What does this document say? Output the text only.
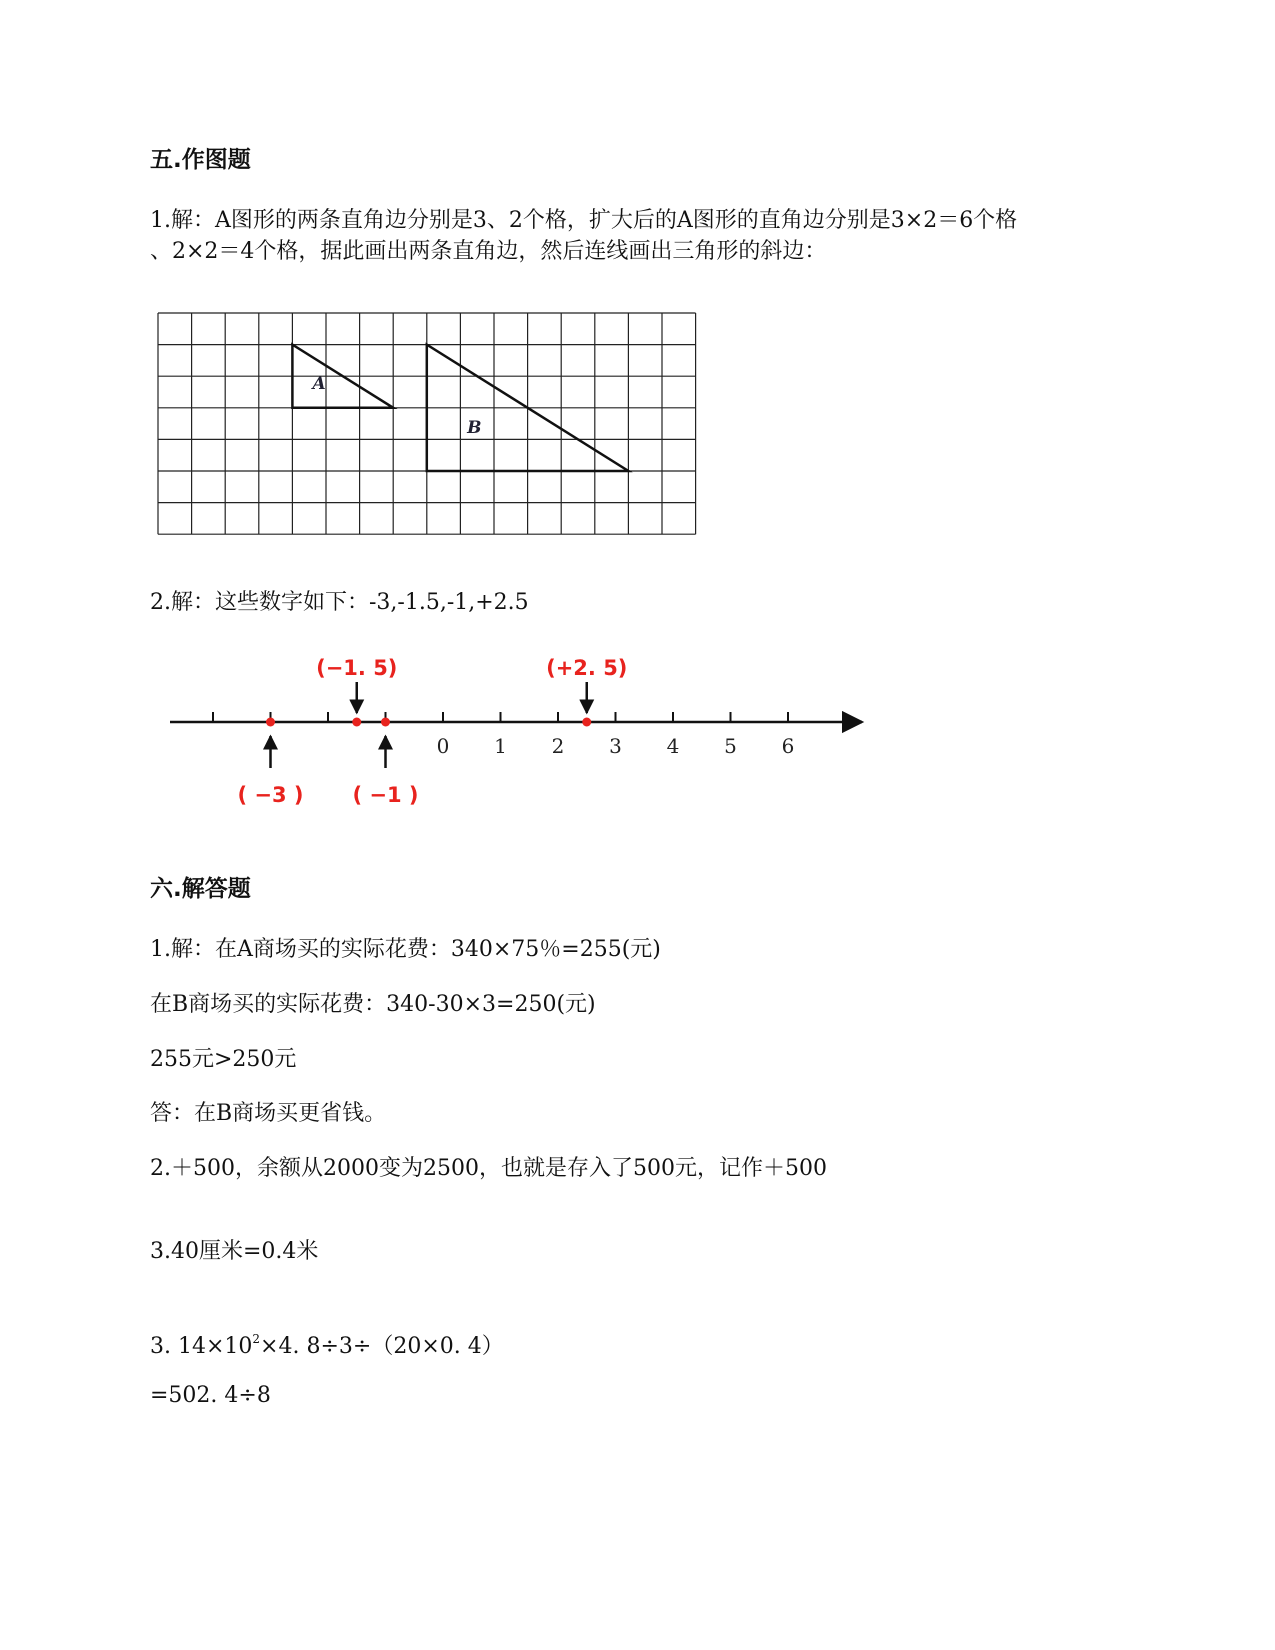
五.作图题
1.解：A图形的两条直角边分别是3、2个格，扩大后的A图形的直角边分别是3×2＝6个格
、2×2＝4个格，据此画出两条直角边，然后连线画出三角形的斜边：
A
B
2.解：这些数字如下：-3,-1.5,-1,+2.5
0 1 2 3 4 5 6
( −3 )
(−1. 5)
( −1 )
(+2. 5)
六.解答题
1.解：在A商场买的实际花费：340×75％=255(元)
在B商场买的实际花费：340-30×3=250(元)
255元>250元
答：在B商场买更省钱。
2.＋500，余额从2000变为2500，也就是存入了500元，记作＋500
3.40厘米=0.4米
3. $14\times 10^2\times 4$. 8÷3÷（20×0. 4）
=502. 4÷8
